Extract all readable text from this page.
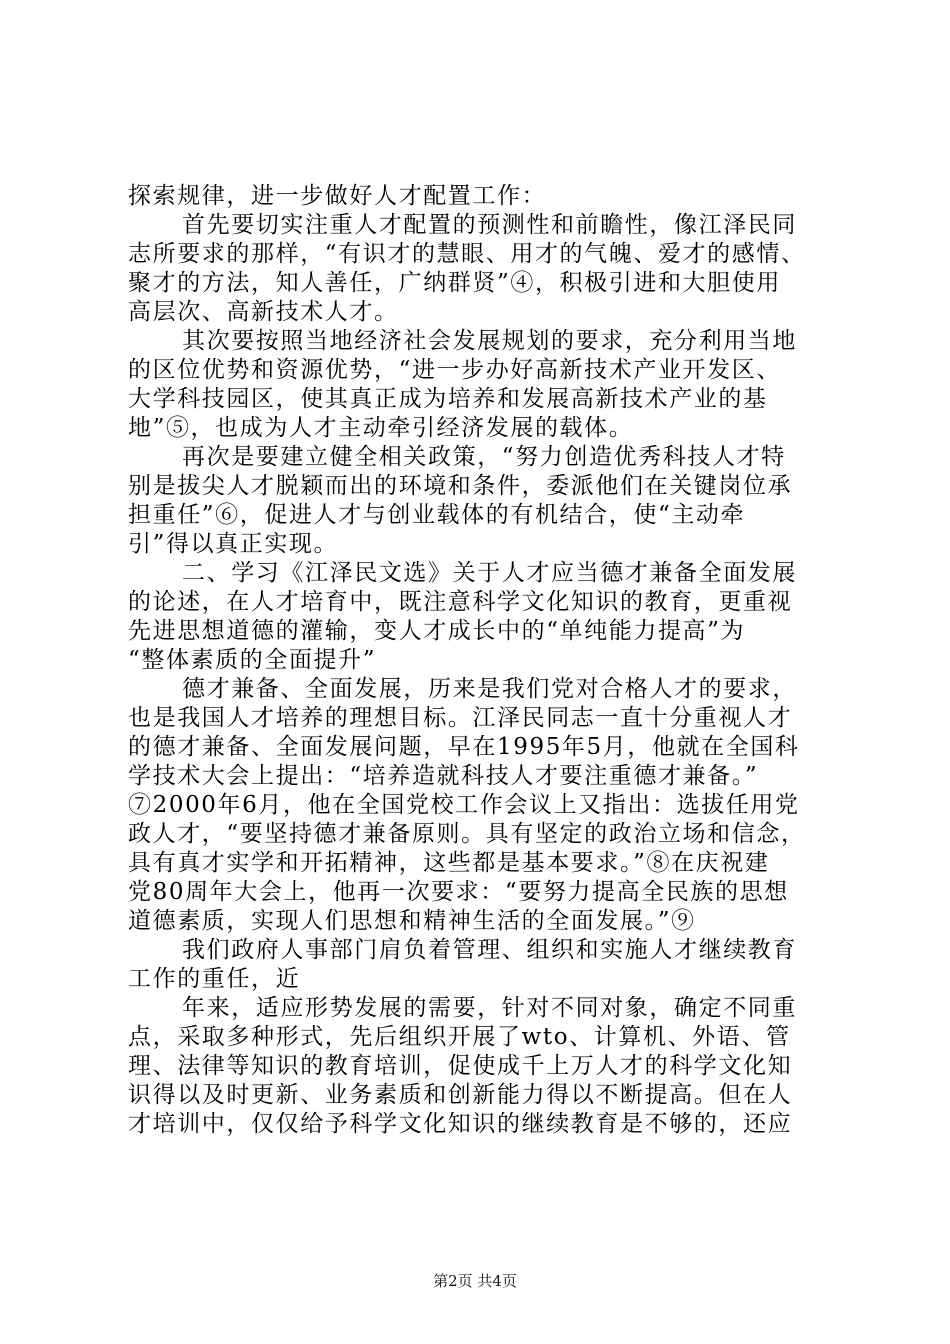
探索规律，进一步做好人才配置工作：
首先要切实注重人才配置的预测性和前瞻性，像江泽民同
志所要求的那样，“有识才的慧眼、用才的气魄、爱才的感情、
聚才的方法，知人善任，广纳群贤”④，积极引进和大胆使用
高层次、高新技术人才。
其次要按照当地经济社会发展规划的要求，充分利用当地
的区位优势和资源优势，“进一步办好高新技术产业开发区、
大学科技园区，使其真正成为培养和发展高新技术产业的基
地”⑤，也成为人才主动牵引经济发展的载体。
再次是要建立健全相关政策，“努力创造优秀科技人才特
别是拔尖人才脱颖而出的环境和条件，委派他们在关键岗位承
担重任”⑥，促进人才与创业载体的有机结合，使“主动牵
引”得以真正实现。
二、学习《江泽民文选》关于人才应当德才兼备全面发展
的论述，在人才培育中，既注意科学文化知识的教育，更重视
先进思想道德的灌输，变人才成长中的“单纯能力提高”为
“整体素质的全面提升”
德才兼备、全面发展，历来是我们党对合格人才的要求，
也是我国人才培养的理想目标。江泽民同志一直十分重视人才
的德才兼备、全面发展问题，早在1995年5月，他就在全国科
学技术大会上提出：“培养造就科技人才要注重德才兼备。”
⑦2000年6月，他在全国党校工作会议上又指出：选拔任用党
政人才，“要坚持德才兼备原则。具有坚定的政治立场和信念，
具有真才实学和开拓精神，这些都是基本要求。”⑧在庆祝建
党80周年大会上，他再一次要求：“要努力提高全民族的思想
道德素质，实现人们思想和精神生活的全面发展。”⑨
我们政府人事部门肩负着管理、组织和实施人才继续教育
工作的重任，近
年来，适应形势发展的需要，针对不同对象，确定不同重
点，采取多种形式，先后组织开展了wto、计算机、外语、管
理、法律等知识的教育培训，促使成千上万人才的科学文化知
识得以及时更新、业务素质和创新能力得以不断提高。但在人
才培训中，仅仅给予科学文化知识的继续教育是不够的，还应
第2页 共4页
